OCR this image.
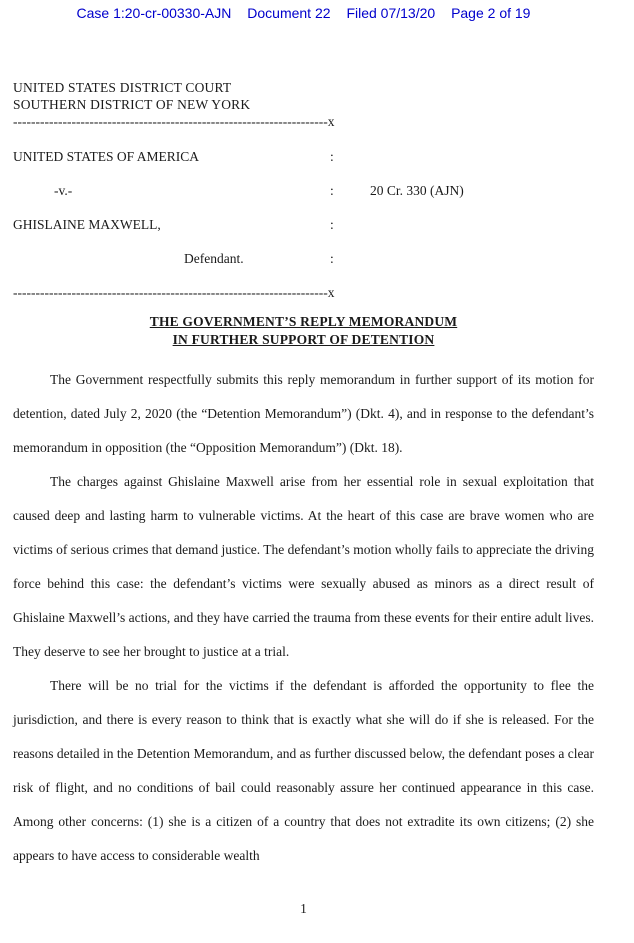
Case 1:20-cr-00330-AJN Document 22 Filed 07/13/20 Page 2 of 19
UNITED STATES DISTRICT COURT
SOUTHERN DISTRICT OF NEW YORK
----------------------------------------------------------------------x
UNITED STATES OF AMERICA	:
-v.-	:	20 Cr. 330 (AJN)
GHISLAINE MAXWELL,	:
Defendant.	:
----------------------------------------------------------------------x
THE GOVERNMENT’S REPLY MEMORANDUM
IN FURTHER SUPPORT OF DETENTION

The Government respectfully submits this reply memorandum in further support of its motion for detention, dated July 2, 2020 (the “Detention Memorandum”) (Dkt. 4), and in response to the defendant’s memorandum in opposition (the “Opposition Memorandum”) (Dkt. 18).

The charges against Ghislaine Maxwell arise from her essential role in sexual exploitation that caused deep and lasting harm to vulnerable victims. At the heart of this case are brave women who are victims of serious crimes that demand justice. The defendant’s motion wholly fails to appreciate the driving force behind this case: the defendant’s victims were sexually abused as minors as a direct result of Ghislaine Maxwell’s actions, and they have carried the trauma from these events for their entire adult lives. They deserve to see her brought to justice at a trial.

There will be no trial for the victims if the defendant is afforded the opportunity to flee the jurisdiction, and there is every reason to think that is exactly what she will do if she is released. For the reasons detailed in the Detention Memorandum, and as further discussed below, the defendant poses a clear risk of flight, and no conditions of bail could reasonably assure her continued appearance in this case. Among other concerns: (1) she is a citizen of a country that does not extradite its own citizens; (2) she appears to have access to considerable wealth

1
